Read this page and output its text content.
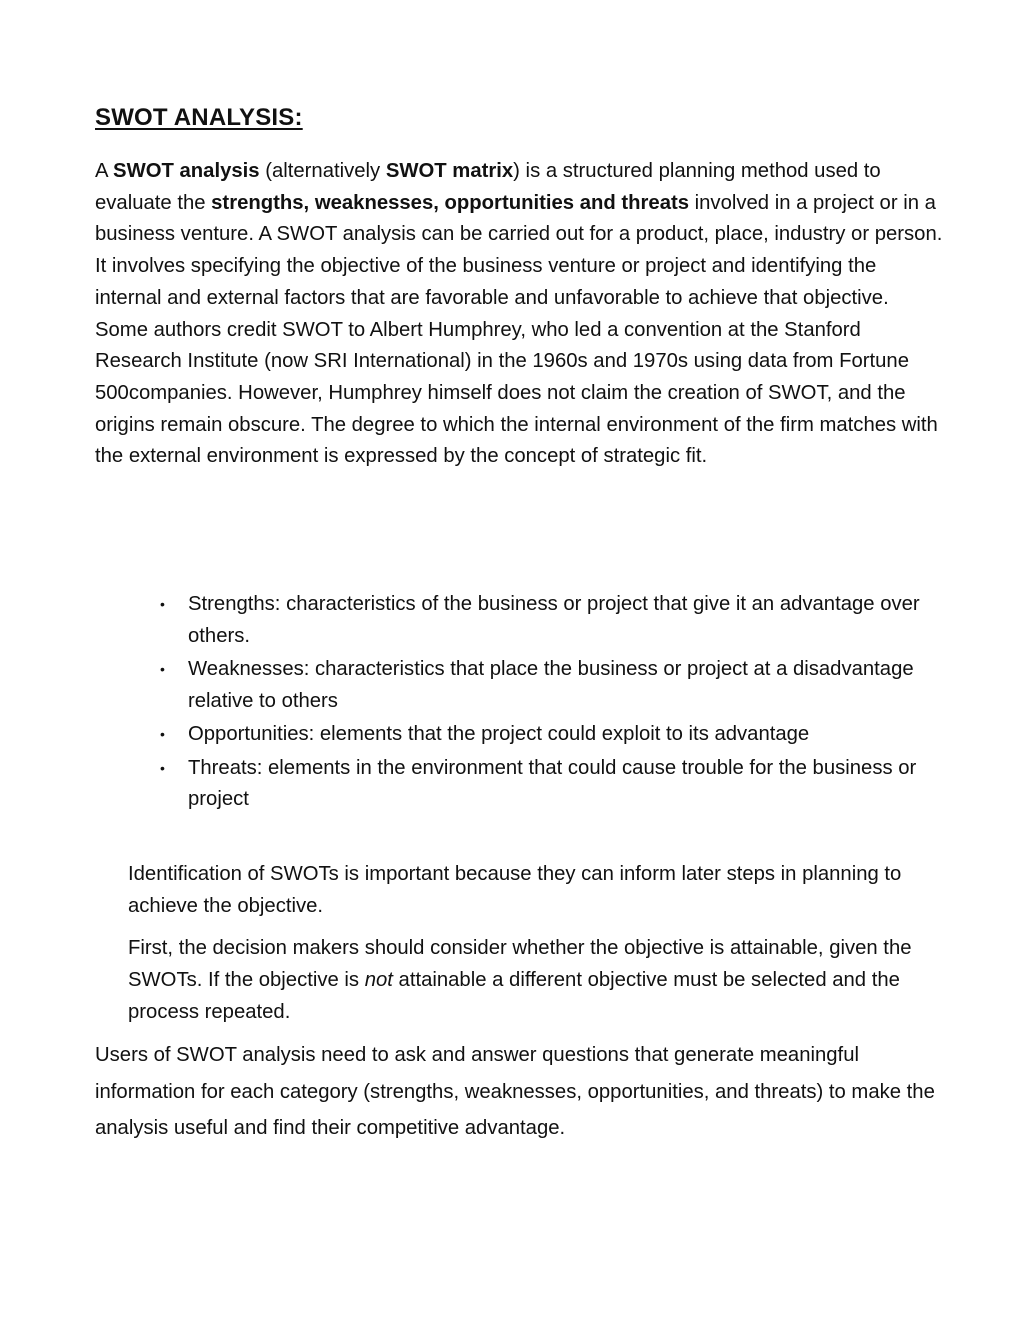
SWOT ANALYSIS:

A SWOT analysis (alternatively SWOT matrix) is a structured planning method used to evaluate the strengths, weaknesses, opportunities and threats involved in a project or in a business venture. A SWOT analysis can be carried out for a product, place, industry or person. It involves specifying the objective of the business venture or project and identifying the internal and external factors that are favorable and unfavorable to achieve that objective. Some authors credit SWOT to Albert Humphrey, who led a convention at the Stanford Research Institute (now SRI International) in the 1960s and 1970s using data from Fortune 500companies. However, Humphrey himself does not claim the creation of SWOT, and the origins remain obscure. The degree to which the internal environment of the firm matches with the external environment is expressed by the concept of strategic fit.

• Strengths: characteristics of the business or project that give it an advantage over others.
• Weaknesses: characteristics that place the business or project at a disadvantage relative to others
• Opportunities: elements that the project could exploit to its advantage
• Threats: elements in the environment that could cause trouble for the business or project

Identification of SWOTs is important because they can inform later steps in planning to achieve the objective.

First, the decision makers should consider whether the objective is attainable, given the SWOTs. If the objective is not attainable a different objective must be selected and the process repeated.

Users of SWOT analysis need to ask and answer questions that generate meaningful information for each category (strengths, weaknesses, opportunities, and threats) to make the analysis useful and find their competitive advantage.
